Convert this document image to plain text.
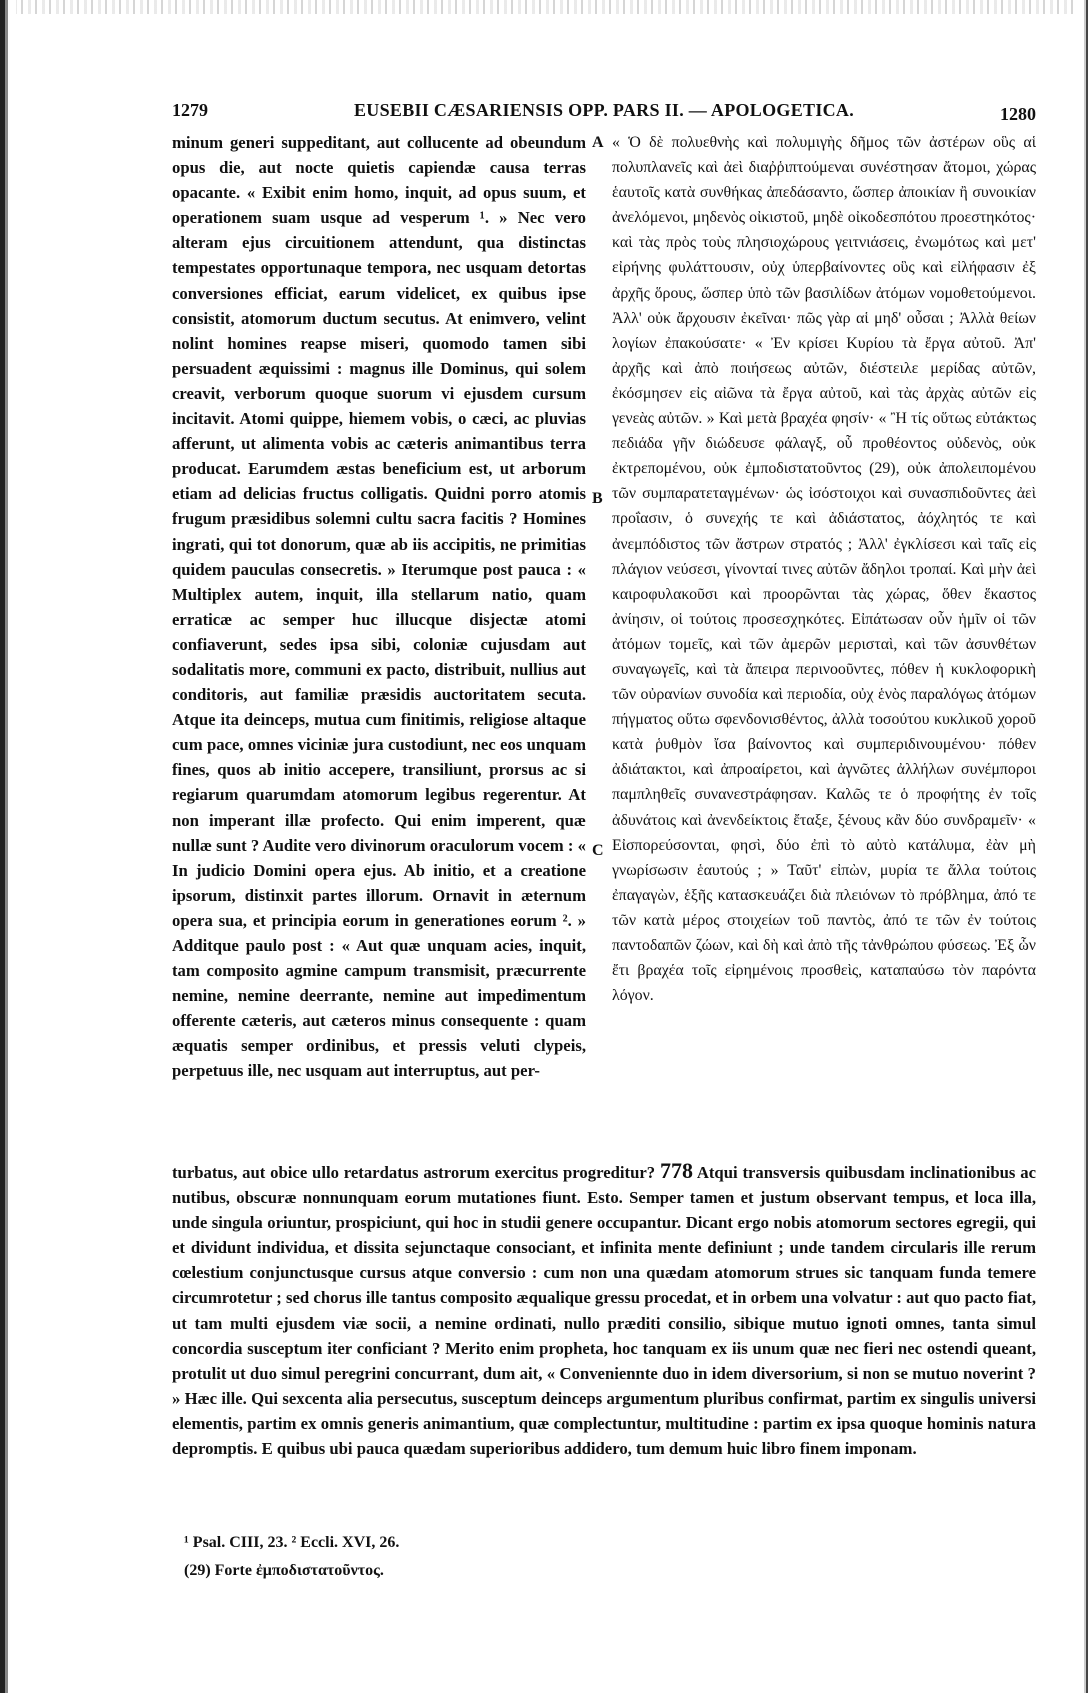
1279	EUSEBII CÆSARIENSIS OPP. PARS II. — APOLOGETICA.	1280
A
B
C
minum generi suppeditant, aut collucente ad obeundum opus die, aut nocte quietis capiendæ causa terras opacante. « Exibit enim homo, inquit, ad opus suum, et operationem suam usque ad vesperum ¹. » Nec vero alteram ejus circuitionem attendunt, qua distinctas tempestates opportunaque tempora, nec usquam detortas conversiones efficiat, earum videlicet, ex quibus ipse consistit, atomorum ductum secutus. At enimvero, velint nolint homines reapse miseri, quomodo tamen sibi persuadent æquissimi : magnus ille Dominus, qui solem creavit, verborum quoque suorum vi ejusdem cursum incitavit. Atomi quippe, hiemem vobis, o cæci, ac pluvias afferunt, ut alimenta vobis ac cæteris animantibus terra producat. Earumdem æstas beneficium est, ut arborum etiam ad delicias fructus colligatis. Quidni porro atomis frugum præsidibus solemni cultu sacra facitis ? Homines ingrati, qui tot donorum, quæ ab iis accipitis, ne primitias quidem pauculas consecretis. » Iterumque post pauca : « Multiplex autem, inquit, illa stellarum natio, quam erraticæ ac semper huc illucque disjectæ atomi confiaverunt, sedes ipsa sibi, coloniæ cujusdam aut sodalitatis more, communi ex pacto, distribuit, nullius aut conditoris, aut familiæ præsidis auctoritatem secuta. Atque ita deinceps, mutua cum finitimis, religiose altaque cum pace, omnes viciniæ jura custodiunt, nec eos unquam fines, quos ab initio accepere, transiliunt, prorsus ac si regiarum quarumdam atomorum legibus regerentur. At non imperant illæ profecto. Qui enim imperent, quæ nullæ sunt ? Audite vero divinorum oraculorum vocem : « In judicio Domini opera ejus. Ab initio, et a creatione ipsorum, distinxit partes illorum. Ornavit in æternum opera sua, et principia eorum in generationes eorum ². » Additque paulo post : « Aut quæ unquam acies, inquit, tam composito agmine campum transmisit, præcurrente nemine, nemine deerrante, nemine aut impedimentum offerente cæteris, aut cæteros minus consequente : quam æquatis semper ordinibus, et pressis veluti clypeis, perpetuus ille, nec usquam aut interruptus, aut per-
« Ὁ δὲ πολυεθνὴς καὶ πολυμιγὴς δῆμος τῶν ἀστέρων οὓς αἱ πολυπλανεῖς καὶ ἀεὶ διαῤῥιπτούμεναι συνέστησαν ἄτομοι, χώρας ἑαυτοῖς κατὰ συνθήκας ἀπεδάσαντο, ὥσπερ ἀποικίαν ἢ συνοικίαν ἀνελόμενοι, μηδενὸς οἰκιστοῦ, μηδὲ οἰκοδεσπότου προεστηκότος· καὶ τὰς πρὸς τοὺς πλησιοχώρους γειτνιάσεις, ἐνωμότως καὶ μετ' εἰρήνης φυλάττουσιν, οὐχ ὑπερβαίνοντες οὓς καὶ εἰλήφασιν ἐξ ἀρχῆς ὅρους, ὥσπερ ὑπὸ τῶν βασιλίδων ἀτόμων νομοθετούμενοι. Ἀλλ' οὐκ ἄρχουσιν ἐκεῖναι· πῶς γὰρ αἱ μηδ' οὖσαι ; Ἀλλὰ θείων λογίων ἐπακούσατε· « Ἐν κρίσει Κυρίου τὰ ἔργα αὐτοῦ. Ἀπ' ἀρχῆς καὶ ἀπὸ ποιήσεως αὐτῶν, διέστειλε μερίδας αὐτῶν, ἐκόσμησεν εἰς αἰῶνα τὰ ἔργα αὐτοῦ, καὶ τὰς ἀρχὰς αὐτῶν εἰς γενεὰς αὐτῶν. » Καὶ μετὰ βραχέα φησίν· « Ἢ τίς οὕτως εὐτάκτως πεδιάδα γῆν διώδευσε φάλαγξ, οὗ προθέοντος οὐδενὸς, οὐκ ἐκτρεπομένου, οὐκ ἐμποδιστατοῦντος (29), οὐκ ἀπολειπομένου τῶν συμπαρατεταγμένων· ὡς ἰσόστοιχοι καὶ συνασπιδοῦντες ἀεὶ προΐασιν, ὁ συνεχής τε καὶ ἀδιάστατος, ἀόχλητός τε καὶ ἀνεμπόδιστος τῶν ἄστρων στρατός ; Ἀλλ' ἐγκλίσεσι καὶ ταῖς εἰς πλάγιον νεύσεσι, γίνονταί τινες αὐτῶν ἄδηλοι τροπαί. Καὶ μὴν ἀεὶ καιροφυλακοῦσι καὶ προορῶνται τὰς χώρας, ὅθεν ἕκαστος ἀνίησιν, οἱ τούτοις προσεσχηκότες. Εἰπάτωσαν οὖν ἡμῖν οἱ τῶν ἀτόμων τομεῖς, καὶ τῶν ἀμερῶν μερισταὶ, καὶ τῶν ἀσυνθέτων συναγωγεῖς, καὶ τὰ ἄπειρα περινοοῦντες, πόθεν ἡ κυκλοφορικὴ τῶν οὐρανίων συνοδία καὶ περιοδία, οὐχ ἑνὸς παραλόγως ἀτόμων πήγματος οὕτω σφενδονισθέντος, ἀλλὰ τοσούτου κυκλικοῦ χοροῦ κατὰ ῥυθμὸν ἴσα βαίνοντος καὶ συμπεριδινουμένου· πόθεν ἀδιάτακτοι, καὶ ἀπροαίρετοι, καὶ ἀγνῶτες ἀλλήλων συνέμποροι παμπληθεῖς συνανεστράφησαν. Καλῶς τε ὁ προφήτης ἐν τοῖς ἀδυνάτοις καὶ ἀνενδείκτοις ἔταξε, ξένους κἂν δύο συνδραμεῖν· « Εἰσπορεύσονται, φησὶ, δύο ἐπὶ τὸ αὐτὸ κατάλυμα, ἐὰν μὴ γνωρίσωσιν ἑαυτούς ; » Ταῦτ' εἰπὼν, μυρία τε ἄλλα τούτοις ἐπαγαγὼν, ἑξῆς κατασκευάζει διὰ πλειόνων τὸ πρόβλημα, ἀπό τε τῶν κατὰ μέρος στοιχείων τοῦ παντὸς, ἀπό τε τῶν ἐν τούτοις παντοδαπῶν ζώων, καὶ δὴ καὶ ἀπὸ τῆς τἀνθρώπου φύσεως. Ἐξ ὧν ἔτι βραχέα τοῖς εἰρημένοις προσθεὶς, καταπαύσω τὸν παρόντα λόγον.
turbatus, aut obice ullo retardatus astrorum exercitus progreditur? 778 Atqui transversis quibusdam inclinationibus ac nutibus, obscuræ nonnunquam eorum mutationes fiunt. Esto. Semper tamen et justum observant tempus, et loca illa, unde singula oriuntur, prospiciunt, qui hoc in studii genere occupantur. Dicant ergo nobis atomorum sectores egregii, qui et dividunt individua, et dissita sejunctaque consociant, et infinita mente definiunt ; unde tandem circularis ille rerum cœlestium conjunctusque cursus atque conversio : cum non una quædam atomorum strues sic tanquam funda temere circumrotetur ; sed chorus ille tantus composito æqualique gressu procedat, et in orbem una volvatur : aut quo pacto fiat, ut tam multi ejusdem viæ socii, a nemine ordinati, nullo præditi consilio, sibique mutuo ignoti omnes, tanta simul concordia susceptum iter conficiant ? Merito enim propheta, hoc tanquam ex iis unum quæ nec fieri nec ostendi queant, protulit ut duo simul peregrini concurrant, dum ait, « Conveniennte duo in idem diversorium, si non se mutuo noverint ? » Hæc ille. Qui sexcenta alia persecutus, susceptum deinceps argumentum pluribus confirmat, partim ex singulis universi elementis, partim ex omnis generis animantium, quæ complectuntur, multitudine : partim ex ipsa quoque hominis natura depromptis. E quibus ubi pauca quædam superioribus addidero, tum demum huic libro finem imponam.
¹ Psal. CIII, 23. ² Eccli. XVI, 26.
(29) Forte ἐμποδιστατοῦντος.
